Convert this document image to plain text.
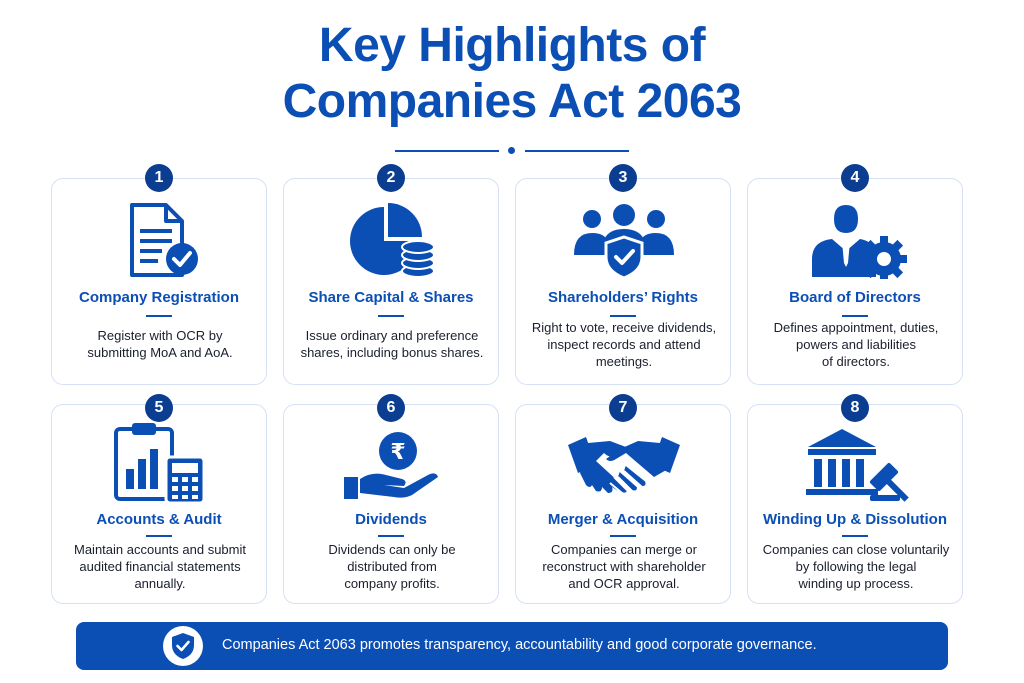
Key Highlights of
Companies Act 2063
Company Registration
Register with OCR by
submitting MoA and AoA.
1
Share Capital & Shares
Issue ordinary and preference
shares, including bonus shares.
2
Shareholders’ Rights
Right to vote, receive dividends,
inspect records and attend
meetings.
3
Board of Directors
Defines appointment, duties,
powers and liabilities
of directors.
4
Accounts & Audit
Maintain accounts and submit
audited financial statements
annually.
5
₹
Dividends
Dividends can only be
distributed from
company profits.
6
Merger & Acquisition
Companies can merge or
reconstruct with shareholder
and OCR approval.
7
Winding Up & Dissolution
Companies can close voluntarily
by following the legal
winding up process.
8
Companies Act 2063 promotes transparency, accountability and good corporate governance.
